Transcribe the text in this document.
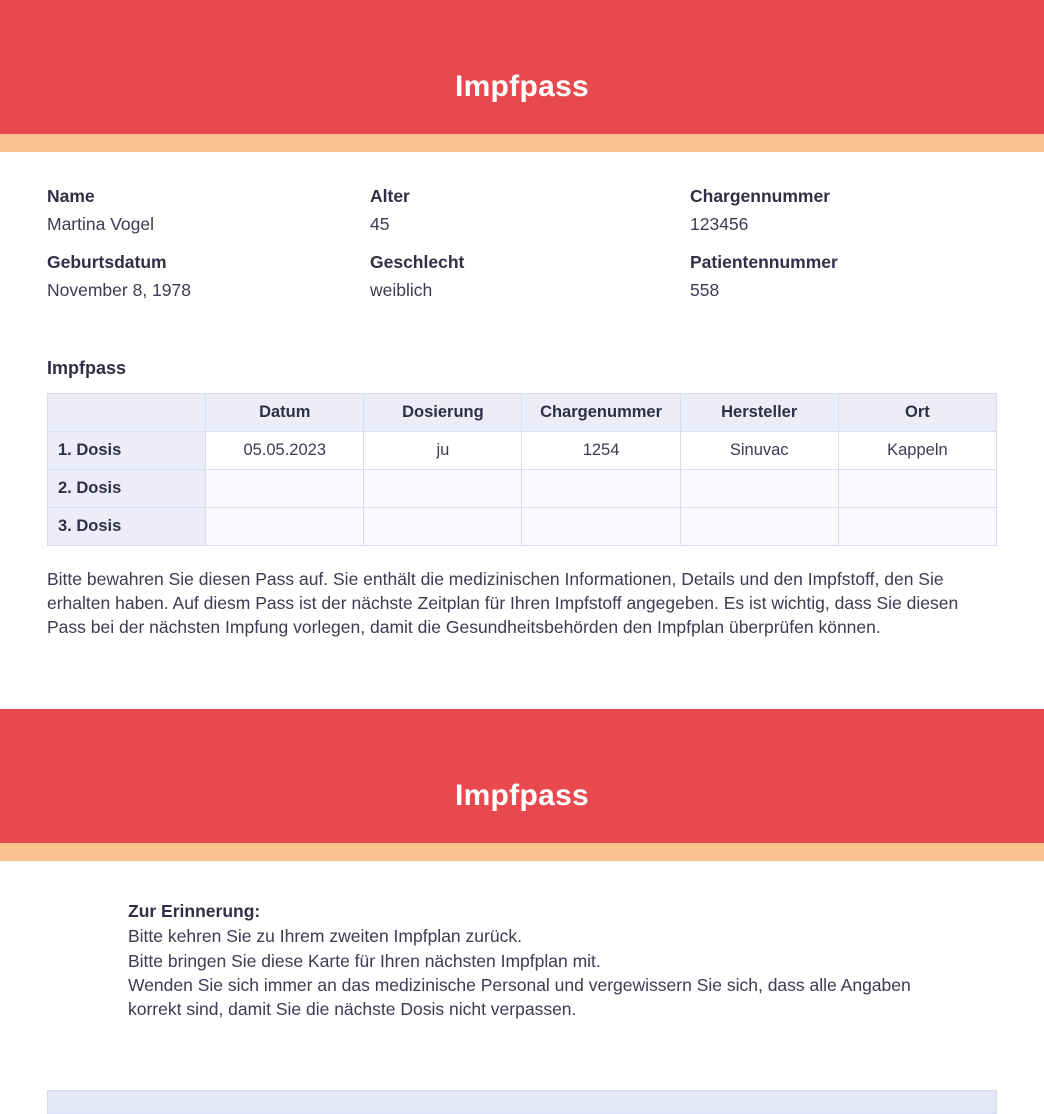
Impfpass
Name
Martina Vogel
Alter
45
Chargennummer
123456
Geburtsdatum
November 8, 1978
Geschlecht
weiblich
Patientennummer
558
Impfpass
	Datum	Dosierung	Chargenummer	Hersteller	Ort
1. Dosis	05.05.2023	ju	1254	Sinuvac	Kappeln
2. Dosis					
3. Dosis					

Bitte bewahren Sie diesen Pass auf. Sie enthält die medizinischen Informationen, Details und den Impfstoff, den Sie erhalten haben. Auf diesm Pass ist der nächste Zeitplan für Ihren Impfstoff angegeben. Es ist wichtig, dass Sie diesen Pass bei der nächsten Impfung vorlegen, damit die Gesundheitsbehörden den Impfplan überprüfen können.

Impfpass
Zur Erinnerung:
Bitte kehren Sie zu Ihrem zweiten Impfplan zurück.
Bitte bringen Sie diese Karte für Ihren nächsten Impfplan mit.
Wenden Sie sich immer an das medizinische Personal und vergewissern Sie sich, dass alle Angaben korrekt sind, damit Sie die nächste Dosis nicht verpassen.
